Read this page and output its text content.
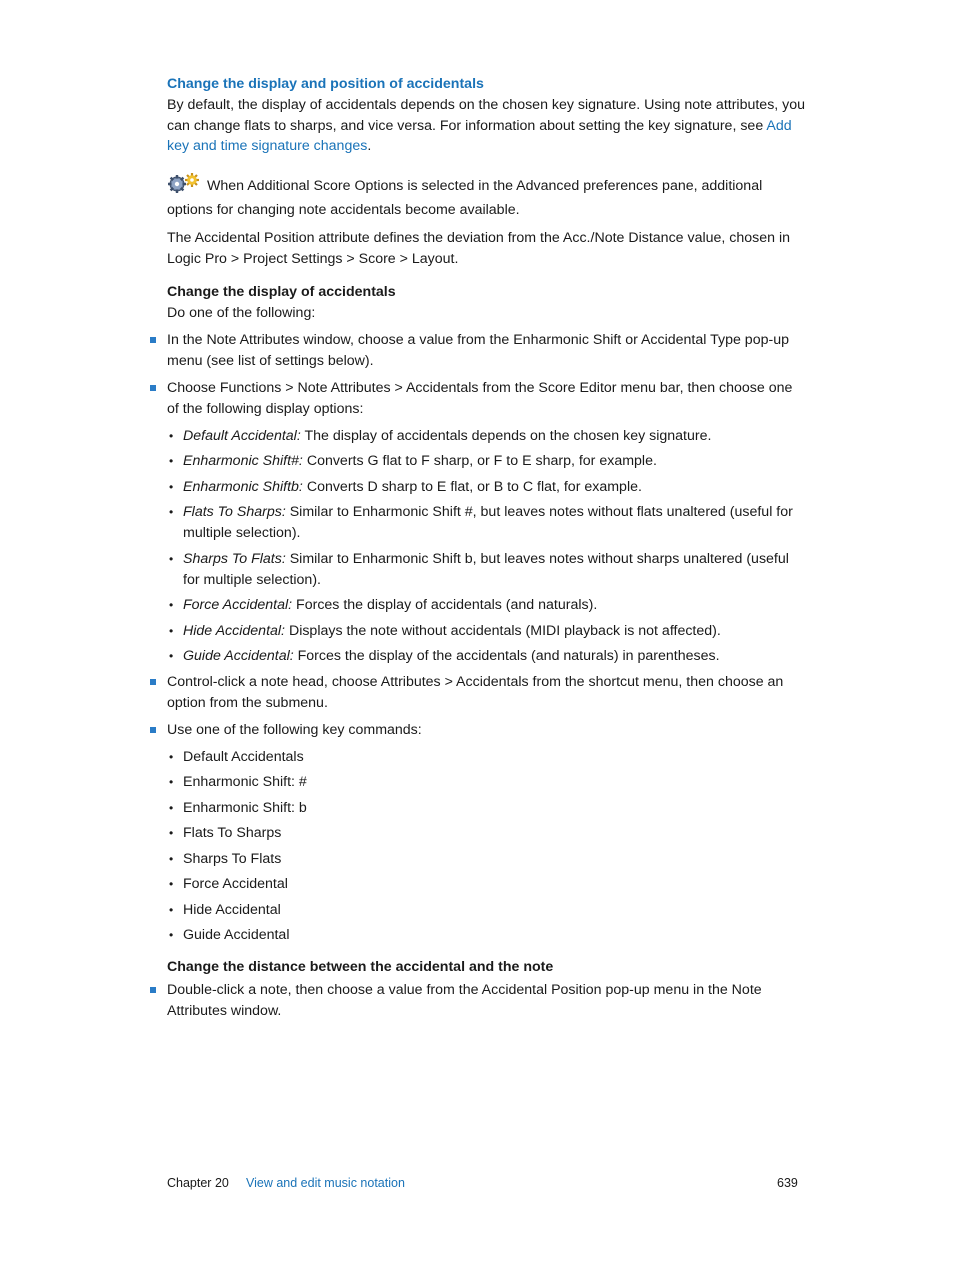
Change the display and position of accidentals
By default, the display of accidentals depends on the chosen key signature. Using note attributes, you can change flats to sharps, and vice versa. For information about setting the key signature, see Add key and time signature changes.
When Additional Score Options is selected in the Advanced preferences pane, additional options for changing note accidentals become available.
The Accidental Position attribute defines the deviation from the Acc./Note Distance value, chosen in Logic Pro > Project Settings > Score > Layout.
Change the display of accidentals
Do one of the following:
In the Note Attributes window, choose a value from the Enharmonic Shift or Accidental Type pop-up menu (see list of settings below).
Choose Functions > Note Attributes > Accidentals from the Score Editor menu bar, then choose one of the following display options:
• Default Accidental: The display of accidentals depends on the chosen key signature.
• Enharmonic Shift#: Converts G flat to F sharp, or F to E sharp, for example.
• Enharmonic Shiftb: Converts D sharp to E flat, or B to C flat, for example.
• Flats To Sharps: Similar to Enharmonic Shift #, but leaves notes without flats unaltered (useful for multiple selection).
• Sharps To Flats: Similar to Enharmonic Shift b, but leaves notes without sharps unaltered (useful for multiple selection).
• Force Accidental: Forces the display of accidentals (and naturals).
• Hide Accidental: Displays the note without accidentals (MIDI playback is not affected).
• Guide Accidental: Forces the display of the accidentals (and naturals) in parentheses.
Control-click a note head, choose Attributes > Accidentals from the shortcut menu, then choose an option from the submenu.
Use one of the following key commands:
• Default Accidentals
• Enharmonic Shift: #
• Enharmonic Shift: b
• Flats To Sharps
• Sharps To Flats
• Force Accidental
• Hide Accidental
• Guide Accidental
Change the distance between the accidental and the note
Double-click a note, then choose a value from the Accidental Position pop-up menu in the Note Attributes window.
Chapter 20 View and edit music notation	639
